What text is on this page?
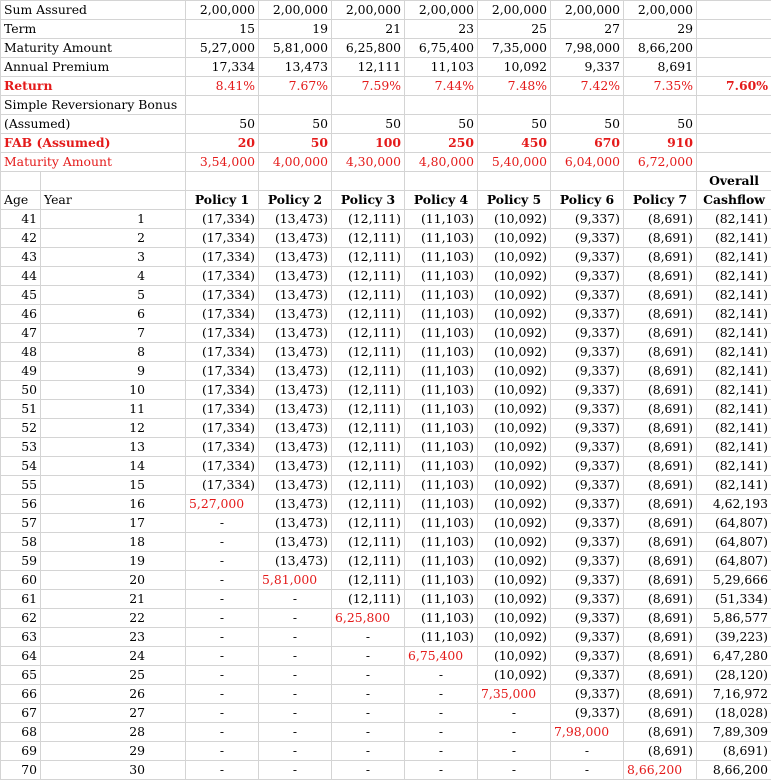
Sum Assured		2,00,000	2,00,000	2,00,000	2,00,000	2,00,000	2,00,000	2,00,000	
Term		15	19	21	23	25	27	29	
Maturity Amount		5,27,000	5,81,000	6,25,800	6,75,400	7,35,000	7,98,000	8,66,200	
Annual Premium		17,334	13,473	12,111	11,103	10,092	9,337	8,691	
Return		8.41%	7.67%	7.59%	7.44%	7.48%	7.42%	7.35%	7.60%
Simple Reversionary Bonus									
(Assumed)		50	50	50	50	50	50	50	
FAB (Assumed)		20	50	100	250	450	670	910	
Maturity Amount		3,54,000	4,00,000	4,30,000	4,80,000	5,40,000	6,04,000	6,72,000	
									Overall
Age	Year	Policy 1	Policy 2	Policy 3	Policy 4	Policy 5	Policy 6	Policy 7	Cashflow
41	1	(17,334)	(13,473)	(12,111)	(11,103)	(10,092)	(9,337)	(8,691)	(82,141)
42	2	(17,334)	(13,473)	(12,111)	(11,103)	(10,092)	(9,337)	(8,691)	(82,141)
43	3	(17,334)	(13,473)	(12,111)	(11,103)	(10,092)	(9,337)	(8,691)	(82,141)
44	4	(17,334)	(13,473)	(12,111)	(11,103)	(10,092)	(9,337)	(8,691)	(82,141)
45	5	(17,334)	(13,473)	(12,111)	(11,103)	(10,092)	(9,337)	(8,691)	(82,141)
46	6	(17,334)	(13,473)	(12,111)	(11,103)	(10,092)	(9,337)	(8,691)	(82,141)
47	7	(17,334)	(13,473)	(12,111)	(11,103)	(10,092)	(9,337)	(8,691)	(82,141)
48	8	(17,334)	(13,473)	(12,111)	(11,103)	(10,092)	(9,337)	(8,691)	(82,141)
49	9	(17,334)	(13,473)	(12,111)	(11,103)	(10,092)	(9,337)	(8,691)	(82,141)
50	10	(17,334)	(13,473)	(12,111)	(11,103)	(10,092)	(9,337)	(8,691)	(82,141)
51	11	(17,334)	(13,473)	(12,111)	(11,103)	(10,092)	(9,337)	(8,691)	(82,141)
52	12	(17,334)	(13,473)	(12,111)	(11,103)	(10,092)	(9,337)	(8,691)	(82,141)
53	13	(17,334)	(13,473)	(12,111)	(11,103)	(10,092)	(9,337)	(8,691)	(82,141)
54	14	(17,334)	(13,473)	(12,111)	(11,103)	(10,092)	(9,337)	(8,691)	(82,141)
55	15	(17,334)	(13,473)	(12,111)	(11,103)	(10,092)	(9,337)	(8,691)	(82,141)
56	16	5,27,000	(13,473)	(12,111)	(11,103)	(10,092)	(9,337)	(8,691)	4,62,193
57	17	-	(13,473)	(12,111)	(11,103)	(10,092)	(9,337)	(8,691)	(64,807)
58	18	-	(13,473)	(12,111)	(11,103)	(10,092)	(9,337)	(8,691)	(64,807)
59	19	-	(13,473)	(12,111)	(11,103)	(10,092)	(9,337)	(8,691)	(64,807)
60	20	-	5,81,000	(12,111)	(11,103)	(10,092)	(9,337)	(8,691)	5,29,666
61	21	-	-	(12,111)	(11,103)	(10,092)	(9,337)	(8,691)	(51,334)
62	22	-	-	6,25,800	(11,103)	(10,092)	(9,337)	(8,691)	5,86,577
63	23	-	-	-	(11,103)	(10,092)	(9,337)	(8,691)	(39,223)
64	24	-	-	-	6,75,400	(10,092)	(9,337)	(8,691)	6,47,280
65	25	-	-	-	-	(10,092)	(9,337)	(8,691)	(28,120)
66	26	-	-	-	-	7,35,000	(9,337)	(8,691)	7,16,972
67	27	-	-	-	-	-	(9,337)	(8,691)	(18,028)
68	28	-	-	-	-	-	7,98,000	(8,691)	7,89,309
69	29	-	-	-	-	-	-	(8,691)	(8,691)
70	30	-	-	-	-	-	-	8,66,200	8,66,200
